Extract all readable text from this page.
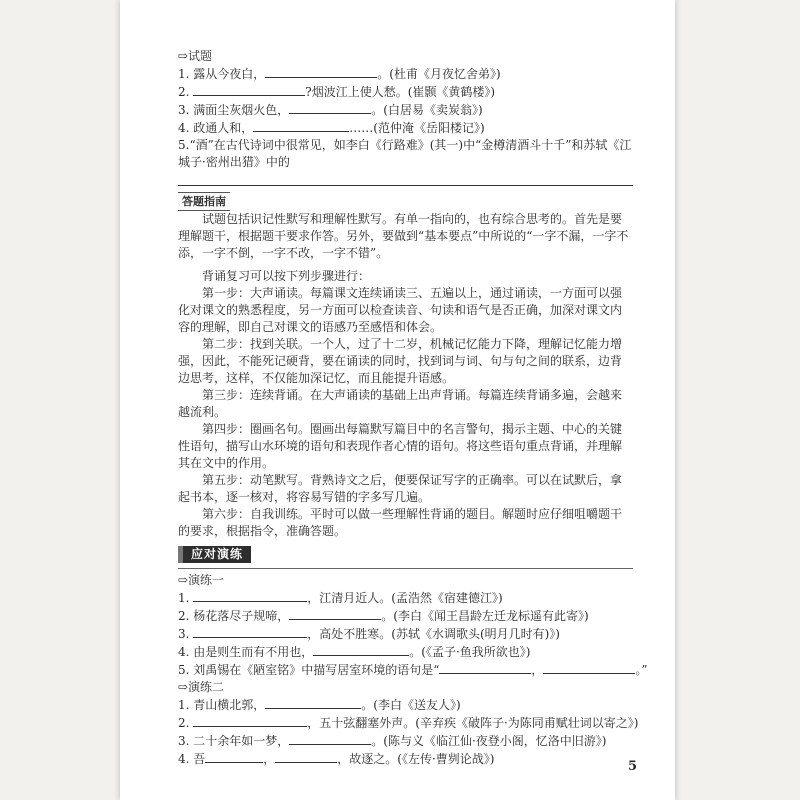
⇨试题
1. 露从今夜白，	。(杜甫《月夜忆舍弟》)
2.	?烟波江上使人愁。(崔颢《黄鹤楼》)
3. 满面尘灰烟火色，	。(白居易《卖炭翁》)
4. 政通人和，	……(范仲淹《岳阳楼记》)
5.“酒”在古代诗词中很常见，如李白《行路难》(其一)中“金樽清酒斗十千”和苏轼《江城子·密州出猎》中的
答题指南
试题包括识记性默写和理解性默写。有单一指向的，也有综合思考的。首先是要理解题干，根据题干要求作答。另外，要做到“基本要点”中所说的“一字不漏，一字不添，一字不倒，一字不改，一字不错”。
背诵复习可以按下列步骤进行：
第一步：大声诵读。每篇课文连续诵读三、五遍以上，通过诵读，一方面可以强化对课文的熟悉程度，另一方面可以检查读音、句读和语气是否正确，加深对课文内容的理解，即自己对课文的语感乃至感悟和体会。
第二步：找到关联。一个人，过了十二岁，机械记忆能力下降，理解记忆能力增强，因此，不能死记硬背，要在诵读的同时，找到词与词、句与句之间的联系，边背边思考，这样，不仅能加深记忆，而且能提升语感。
第三步：连续背诵。在大声诵读的基础上出声背诵。每篇连续背诵多遍，会越来越流利。
第四步：圈画名句。圈画出每篇默写篇目中的名言警句，揭示主题、中心的关键性语句，描写山水环境的语句和表现作者心情的语句。将这些语句重点背诵，并理解其在文中的作用。
第五步：动笔默写。背熟诗文之后，便要保证写字的正确率。可以在试默后，拿起书本，逐一核对，将容易写错的字多写几遍。
第六步：自我训练。平时可以做一些理解性背诵的题目。解题时应仔细咀嚼题干的要求，根据指令，准确答题。
应对演练
⇨演练一
1.	，江清月近人。(孟浩然《宿建德江》)
2. 杨花落尽子规啼，	。(李白《闻王昌龄左迁龙标遥有此寄》)
3.	，高处不胜寒。(苏轼《水调歌头(明月几时有)》)
4. 由是则生而有不用也，	。(《孟子·鱼我所欲也》)
5. 刘禹锡在《陋室铭》中描写居室环境的语句是“	，	。”
⇨演练二
1. 青山横北郭，	。(李白《送友人》)
2.	，五十弦翻塞外声。(辛弃疾《破阵子·为陈同甫赋壮词以寄之》)
3. 二十余年如一梦，	。(陈与义《临江仙·夜登小阁，忆洛中旧游》)
4. 吾	，	，故逐之。(《左传·曹刿论战》)	5
